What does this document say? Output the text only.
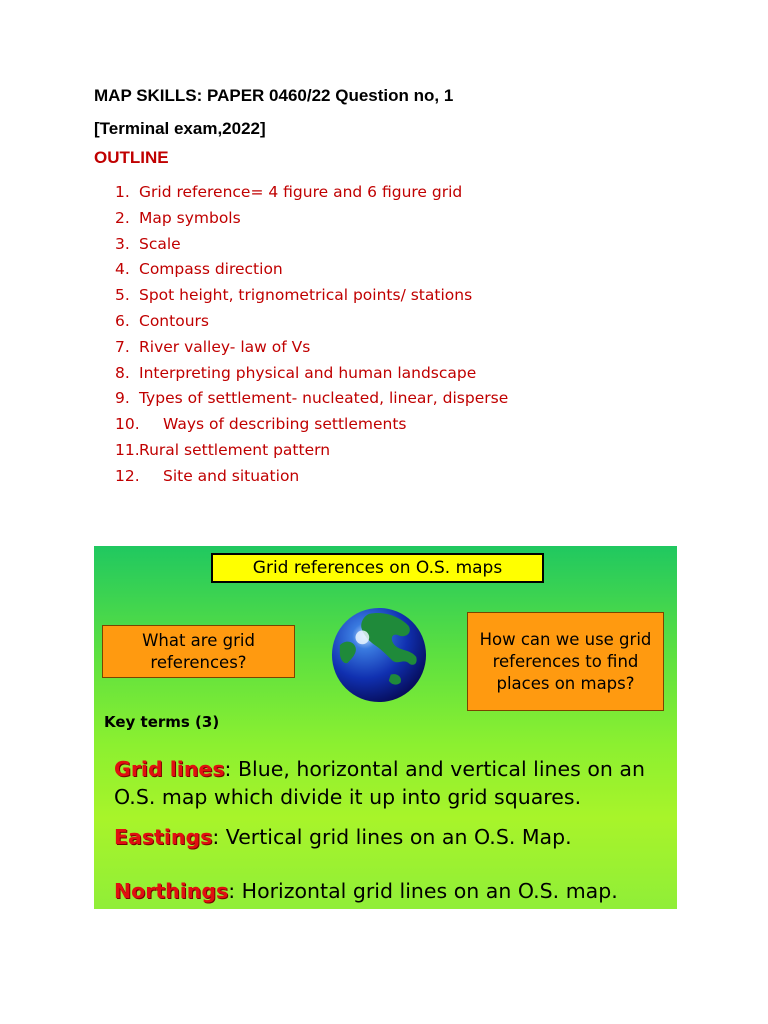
MAP SKILLS: PAPER 0460/22 Question no, 1
[Terminal exam,2022]
OUTLINE
1. Grid reference= 4 figure and 6 figure grid
2. Map symbols
3. Scale
4. Compass direction
5. Spot height, trignometrical points/ stations
6. Contours
7. River valley- law of Vs
8. Interpreting physical and human landscape
9. Types of settlement- nucleated, linear, disperse
10. Ways of describing settlements
11.Rural settlement pattern
12. Site and situation
Grid references on O.S. maps
What are grid references?
How can we use grid references to find places on maps?
Key terms (3)
Grid lines: Blue, horizontal and vertical lines on an O.S. map which divide it up into grid squares.
Eastings: Vertical grid lines on an O.S. Map.
Northings: Horizontal grid lines on an O.S. map.
